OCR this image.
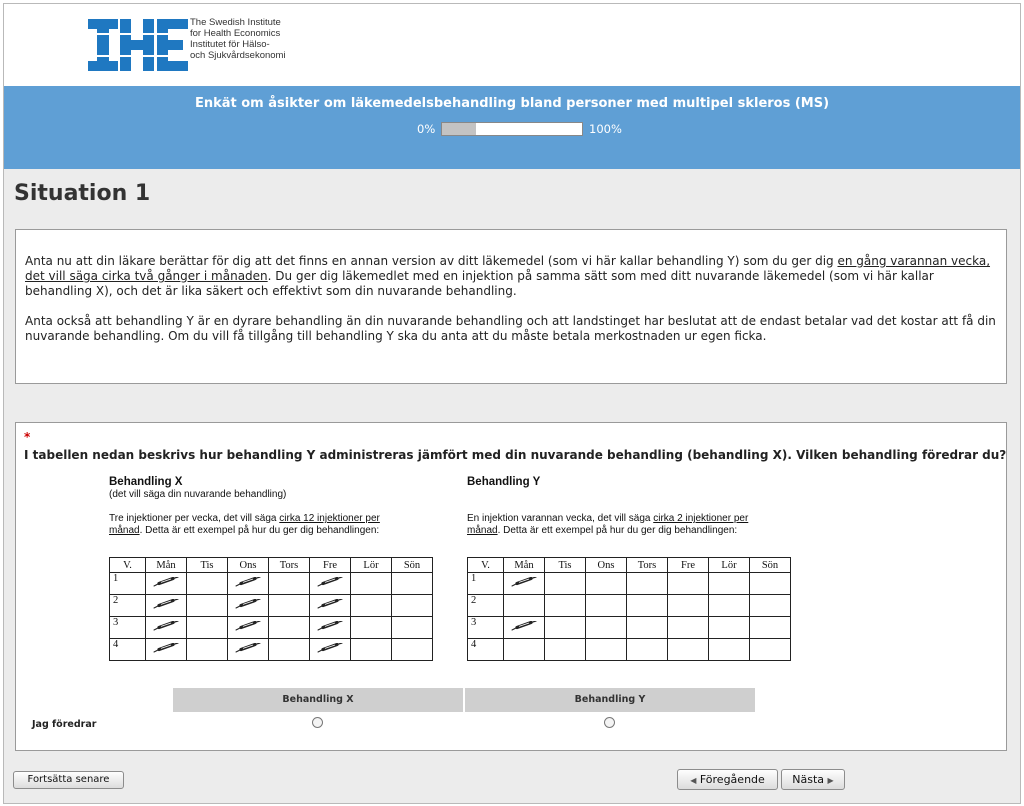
The Swedish Institute
for Health Economics
Institutet för Hälso-
och Sjukvårdsekonomi
Enkät om åsikter om läkemedelsbehandling bland personer med multipel skleros (MS)
0%	100%
Situation 1

Anta nu att din läkare berättar för dig att det finns en annan version av ditt läkemedel (som vi här kallar behandling Y) som du ger dig en gång varannan vecka, det vill säga cirka två gånger i månaden. Du ger dig läkemedlet med en injektion på samma sätt som med ditt nuvarande läkemedel (som vi här kallar behandling X), och det är lika säkert och effektivt som din nuvarande behandling.

Anta också att behandling Y är en dyrare behandling än din nuvarande behandling och att landstinget har beslutat att de endast betalar vad det kostar att få din nuvarande behandling. Om du vill få tillgång till behandling Y ska du anta att du måste betala merkostnaden ur egen ficka.

*
I tabellen nedan beskrivs hur behandling Y administreras jämfört med din nuvarande behandling (behandling X). Vilken behandling föredrar du?
Behandling X
(det vill säga din nuvarande behandling)
Tre injektioner per vecka, det vill säga cirka 12 injektioner per
månad. Detta är ett exempel på hur du ger dig behandlingen:
Behandling Y
En injektion varannan vecka, det vill säga cirka 2 injektioner per
månad. Detta är ett exempel på hur du ger dig behandlingen:
V.	Mån	Tis	Ons	Tors	Fre	Lör	Sön
1							
2							
3							
4							
V.	Mån	Tis	Ons	Tors	Fre	Lör	Sön
1							
2							
3							
4							
Behandling X	Behandling Y
Jag föredrar
Fortsätta senare	◀ Föregående	Nästa ▶
